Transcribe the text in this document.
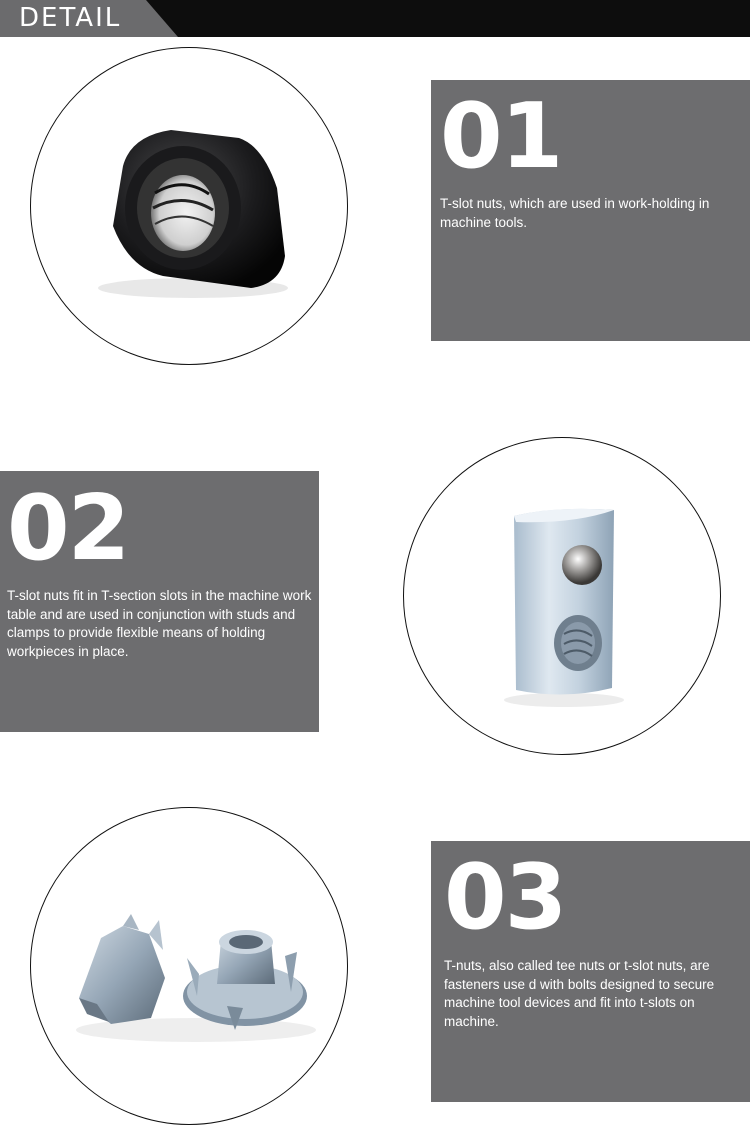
DETAIL
01
T-slot nuts, which are used in work-holding in machine tools.
02
T-slot nuts fit in T-section slots in the machine work table and are used in conjunction with studs and clamps to provide flexible means of holding workpieces in place.
03
T-nuts, also called tee nuts or t-slot nuts, are fasteners use d with bolts designed to secure machine tool devices and fit into t-slots on machine.
